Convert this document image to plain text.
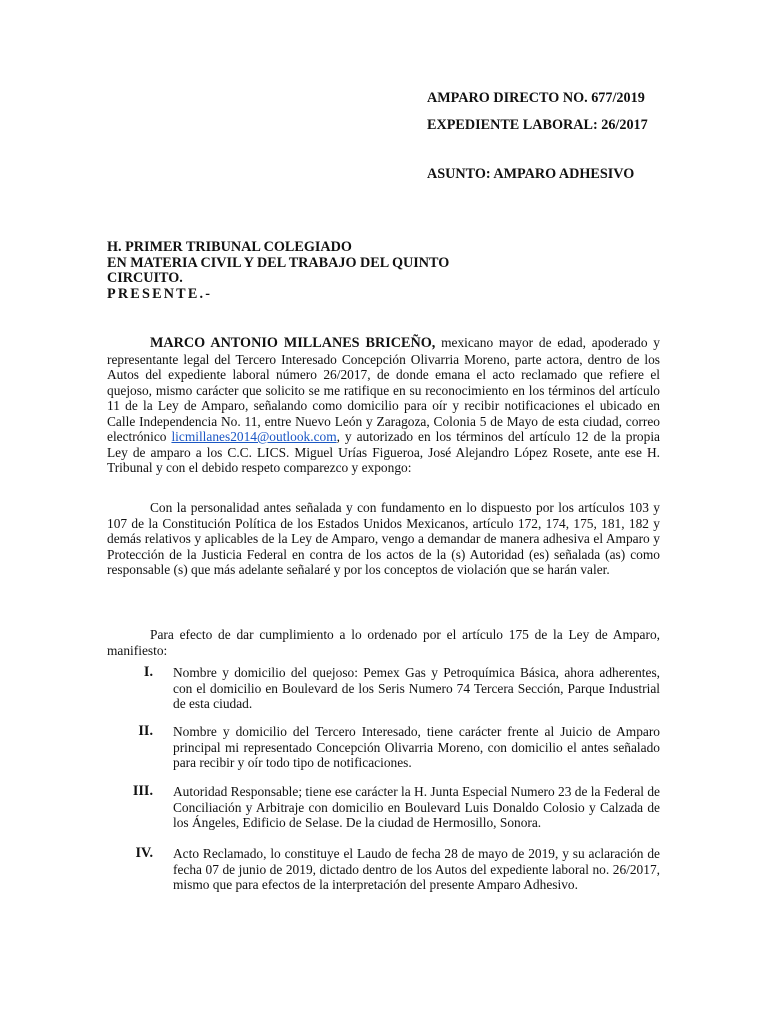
AMPARO DIRECTO NO. 677/2019
EXPEDIENTE LABORAL: 26/2017
ASUNTO: AMPARO ADHESIVO
H. PRIMER TRIBUNAL COLEGIADO
EN MATERIA CIVIL Y DEL TRABAJO DEL QUINTO
CIRCUITO.
PRESENTE.-

MARCO ANTONIO MILLANES BRICEÑO, mexicano mayor de edad, apoderado y representante legal del Tercero Interesado Concepción Olivarria Moreno, parte actora, dentro de los Autos del expediente laboral número 26/2017, de donde emana el acto reclamado que refiere el quejoso, mismo carácter que solicito se me ratifique en su reconocimiento en los términos del artículo 11 de la Ley de Amparo, señalando como domicilio para oír y recibir notificaciones el ubicado en Calle Independencia No. 11, entre Nuevo León y Zaragoza, Colonia 5 de Mayo de esta ciudad, correo electrónico licmillanes2014@outlook.com, y autorizado en los términos del artículo 12 de la propia Ley de amparo a los C.C. LICS. Miguel Urías Figueroa, José Alejandro López Rosete, ante ese H. Tribunal y con el debido respeto comparezco y expongo:

Con la personalidad antes señalada y con fundamento en lo dispuesto por los artículos 103 y 107 de la Constitución Política de los Estados Unidos Mexicanos, artículo 172, 174, 175, 181, 182 y demás relativos y aplicables de la Ley de Amparo, vengo a demandar de manera adhesiva el Amparo y Protección de la Justicia Federal en contra de los actos de la (s) Autoridad (es) señalada (as) como responsable (s) que más adelante señalaré y por los conceptos de violación que se harán valer.

Para efecto de dar cumplimiento a lo ordenado por el artículo 175 de la Ley de Amparo, manifiesto:

I. Nombre y domicilio del quejoso: Pemex Gas y Petroquímica Básica, ahora adherentes, con el domicilio en Boulevard de los Seris Numero 74 Tercera Sección, Parque Industrial de esta ciudad.

II. Nombre y domicilio del Tercero Interesado, tiene carácter frente al Juicio de Amparo principal mi representado Concepción Olivarria Moreno, con domicilio el antes señalado para recibir y oír todo tipo de notificaciones.

III. Autoridad Responsable; tiene ese carácter la H. Junta Especial Numero 23 de la Federal de Conciliación y Arbitraje con domicilio en Boulevard Luis Donaldo Colosio y Calzada de los Ángeles, Edificio de Selase. De la ciudad de Hermosillo, Sonora.

IV. Acto Reclamado, lo constituye el Laudo de fecha 28 de mayo de 2019, y su aclaración de fecha 07 de junio de 2019, dictado dentro de los Autos del expediente laboral no. 26/2017, mismo que para efectos de la interpretación del presente Amparo Adhesivo.
